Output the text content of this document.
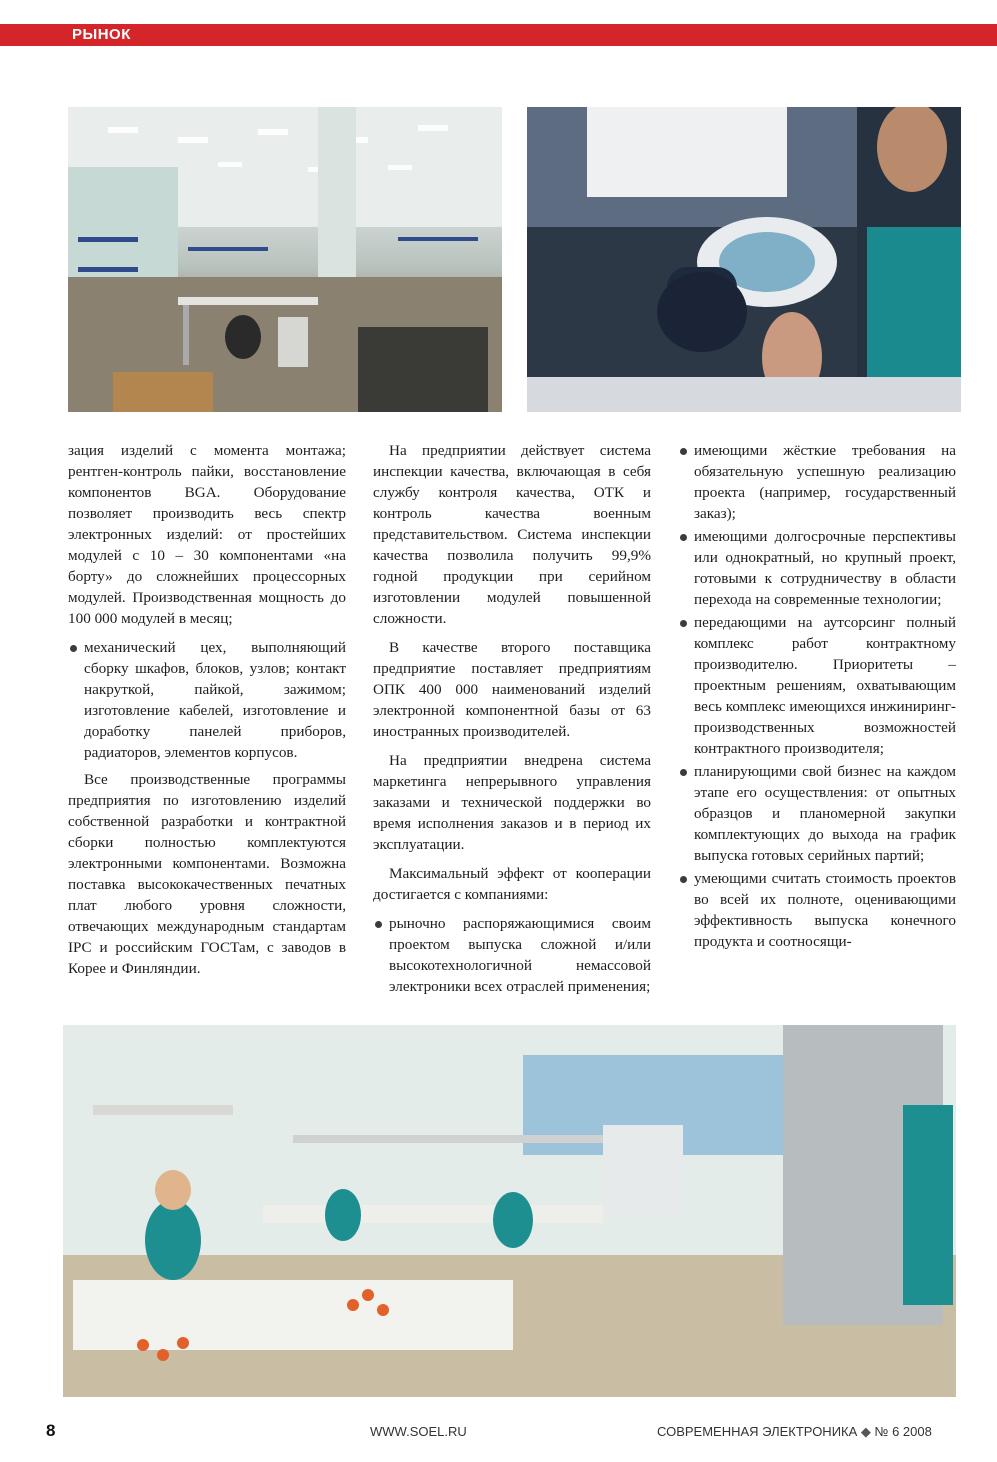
РЫНОК

зация изделий с момента монтажа; рентген-контроль пайки, восстановление компонентов BGA. Оборудование позволяет производить весь спектр электронных изделий: от простейших модулей с 10 – 30 компонентами «на борту» до сложнейших процессорных модулей. Производственная мощность до 100 000 модулей в месяц;

механический цех, выполняющий сборку шкафов, блоков, узлов; контакт накруткой, пайкой, зажимом; изготовление кабелей, изготовление и доработку панелей приборов, радиаторов, элементов корпусов.

Все производственные программы предприятия по изготовлению изделий собственной разработки и контрактной сборки полностью комплектуются электронными компонентами. Возможна поставка высококачественных печатных плат любого уровня сложности, отвечающих международным стандартам IPC и российским ГОСТам, с заводов в Корее и Финляндии.

На предприятии действует система инспекции качества, включающая в себя службу контроля качества, ОТК и контроль качества военным представительством. Система инспекции качества позволила получить 99,9% годной продукции при серийном изготовлении модулей повышенной сложности.

В качестве второго поставщика предприятие поставляет предприятиям ОПК 400 000 наименований изделий электронной компонентной базы от 63 иностранных производителей.

На предприятии внедрена система маркетинга непрерывного управления заказами и технической поддержки во время исполнения заказов и в период их эксплуатации.

Максимальный эффект от кооперации достигается с компаниями:

рыночно распоряжающимися своим проектом выпуска сложной и/или высокотехнологичной немассовой электроники всех отраслей применения;
имеющими жёсткие требования на обязательную успешную реализацию проекта (например, государственный заказ);
имеющими долгосрочные перспективы или однократный, но крупный проект, готовыми к сотрудничеству в области перехода на современные технологии;
передающими на аутсорсинг полный комплекс работ контрактному производителю. Приоритеты – проектным решениям, охватывающим весь комплекс имеющихся инжиниринг-производственных возможностей контрактного производителя;
планирующими свой бизнес на каждом этапе его осуществления: от опытных образцов и планомерной закупки комплектующих до выхода на график выпуска готовых серийных партий;
умеющими считать стоимость проектов во всей их полноте, оценивающими эффективность выпуска конечного продукта и соотносящи-
8	WWW.SOEL.RU	СОВРЕМЕННАЯ ЭЛЕКТРОНИКА ◆ № 6 2008
